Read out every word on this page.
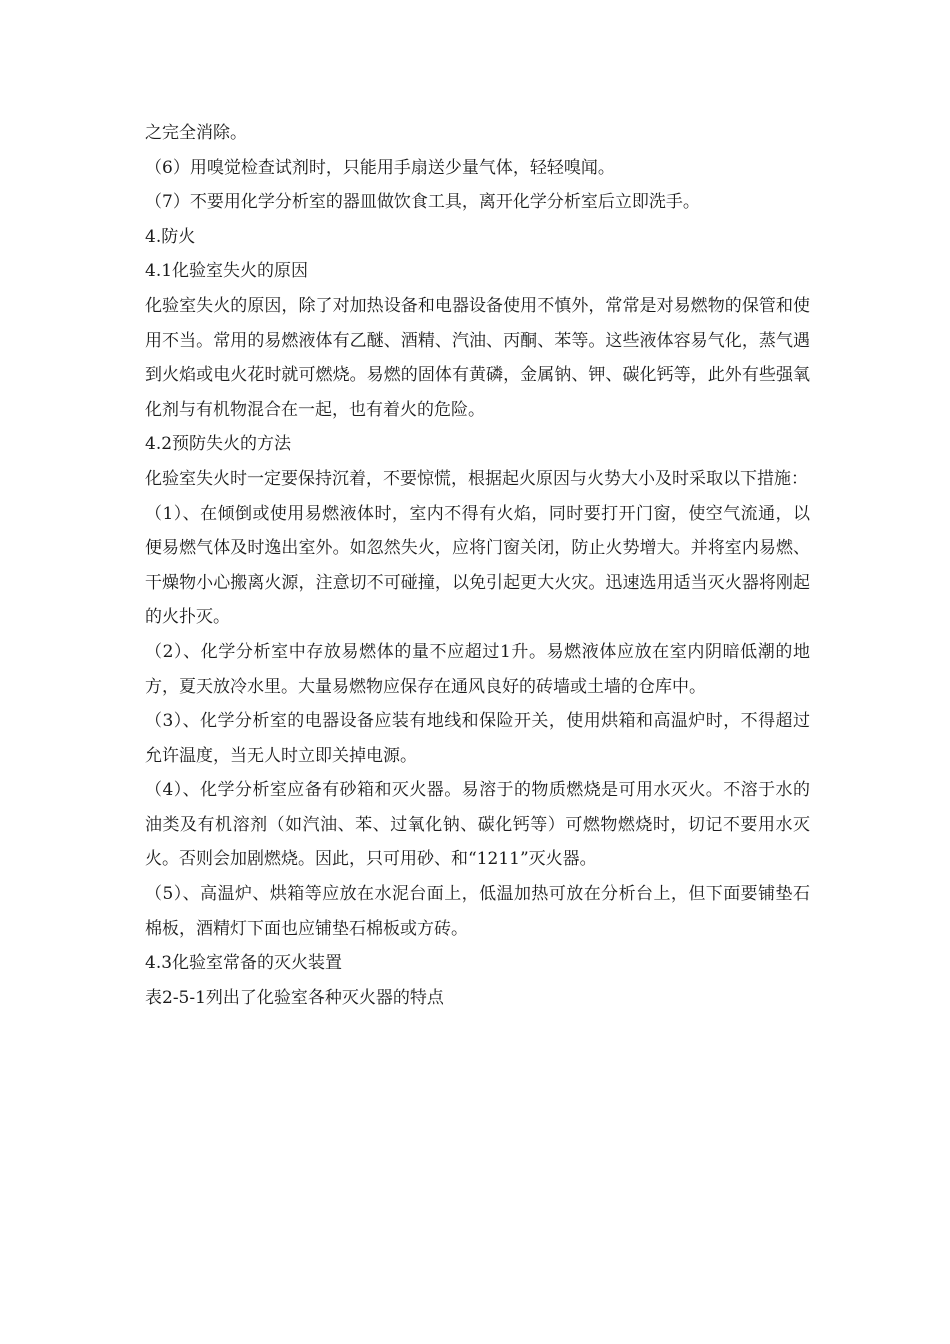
之完全消除。

（6）用嗅觉检查试剂时，只能用手扇送少量气体，轻轻嗅闻。

（7）不要用化学分析室的器皿做饮食工具，离开化学分析室后立即洗手。

4.防火

4.1化验室失火的原因

化验室失火的原因，除了对加热设备和电器设备使用不慎外，常常是对易燃物的保管和使用不当。常用的易燃液体有乙醚、酒精、汽油、丙酮、苯等。这些液体容易气化，蒸气遇到火焰或电火花时就可燃烧。易燃的固体有黄磷，金属钠、钾、碳化钙等，此外有些强氧化剂与有机物混合在一起，也有着火的危险。

4.2预防失火的方法

化验室失火时一定要保持沉着，不要惊慌，根据起火原因与火势大小及时采取以下措施：

（1）、在倾倒或使用易燃液体时，室内不得有火焰，同时要打开门窗，使空气流通，以便易燃气体及时逸出室外。如忽然失火，应将门窗关闭，防止火势增大。并将室内易燃、干燥物小心搬离火源，注意切不可碰撞，以免引起更大火灾。迅速选用适当灭火器将刚起的火扑灭。

（2）、化学分析室中存放易燃体的量不应超过1升。易燃液体应放在室内阴暗低潮的地方，夏天放冷水里。大量易燃物应保存在通风良好的砖墙或土墙的仓库中。

（3）、化学分析室的电器设备应装有地线和保险开关，使用烘箱和高温炉时，不得超过允许温度，当无人时立即关掉电源。

（4）、化学分析室应备有砂箱和灭火器。易溶于的物质燃烧是可用水灭火。不溶于水的油类及有机溶剂（如汽油、苯、过氧化钠、碳化钙等）可燃物燃烧时，切记不要用水灭火。否则会加剧燃烧。因此，只可用砂、和“1211”灭火器。

（5）、高温炉、烘箱等应放在水泥台面上，低温加热可放在分析台上，但下面要铺垫石棉板，酒精灯下面也应铺垫石棉板或方砖。

4.3化验室常备的灭火装置

表2-5-1列出了化验室各种灭火器的特点
